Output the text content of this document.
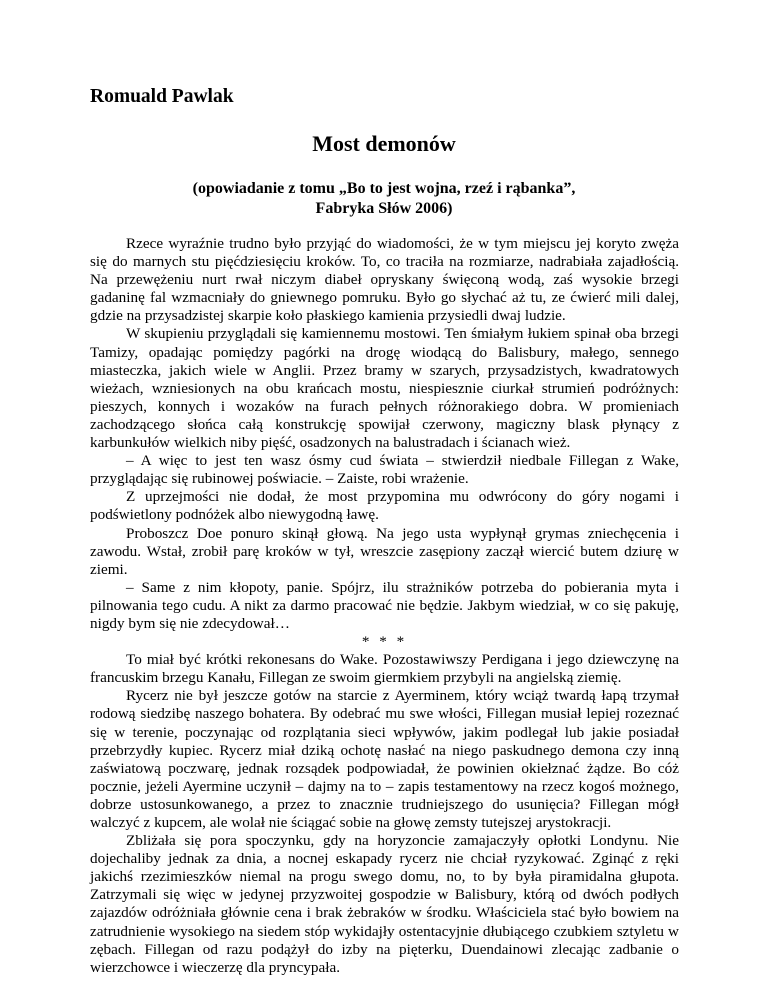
Romuald Pawlak
Most demonów
(opowiadanie z tomu „Bo to jest wojna, rzeź i rąbanka”,
Fabryka Słów 2006)

Rzece wyraźnie trudno było przyjąć do wiadomości, że w tym miejscu jej koryto zwęża się do marnych stu pięćdziesięciu kroków. To, co traciła na rozmiarze, nadrabiała zajadłością. Na przewężeniu nurt rwał niczym diabeł opryskany święconą wodą, zaś wysokie brzegi gadaninę fal wzmacniały do gniewnego pomruku. Było go słychać aż tu, ze ćwierć mili dalej, gdzie na przysadzistej skarpie koło płaskiego kamienia przysiedli dwaj ludzie.

W skupieniu przyglądali się kamiennemu mostowi. Ten śmiałym łukiem spinał oba brzegi Tamizy, opadając pomiędzy pagórki na drogę wiodącą do Balisbury, małego, sennego miasteczka, jakich wiele w Anglii. Przez bramy w szarych, przysadzistych, kwadratowych wieżach, wzniesionych na obu krańcach mostu, niespiesznie ciurkał strumień podróżnych: pieszych, konnych i wozaków na furach pełnych różnorakiego dobra. W promieniach zachodzącego słońca całą konstrukcję spowijał czerwony, magiczny blask płynący z karbunkułów wielkich niby pięść, osadzonych na balustradach i ścianach wież.

– A więc to jest ten wasz ósmy cud świata – stwierdził niedbale Fillegan z Wake, przyglądając się rubinowej poświacie. – Zaiste, robi wrażenie.

Z uprzejmości nie dodał, że most przypomina mu odwrócony do góry nogami i podświetlony podnóżek albo niewygodną ławę.

Proboszcz Doe ponuro skinął głową. Na jego usta wypłynął grymas zniechęcenia i zawodu. Wstał, zrobił parę kroków w tył, wreszcie zasępiony zaczął wiercić butem dziurę w ziemi.

– Same z nim kłopoty, panie. Spójrz, ilu strażników potrzeba do pobierania myta i pilnowania tego cudu. A nikt za darmo pracować nie będzie. Jakbym wiedział, w co się pakuję, nigdy bym się nie zdecydował…

* * *

To miał być krótki rekonesans do Wake. Pozostawiwszy Perdigana i jego dziewczynę na francuskim brzegu Kanału, Fillegan ze swoim giermkiem przybyli na angielską ziemię.

Rycerz nie był jeszcze gotów na starcie z Ayerminem, który wciąż twardą łapą trzymał rodową siedzibę naszego bohatera. By odebrać mu swe włości, Fillegan musiał lepiej rozeznać się w terenie, poczynając od rozplątania sieci wpływów, jakim podlegał lub jakie posiadał przebrzydły kupiec. Rycerz miał dziką ochotę nasłać na niego paskudnego demona czy inną zaświatową poczwarę, jednak rozsądek podpowiadał, że powinien okiełznać żądze. Bo cóż pocznie, jeżeli Ayermine uczynił – dajmy na to – zapis testamentowy na rzecz kogoś możnego, dobrze ustosunkowanego, a przez to znacznie trudniejszego do usunięcia? Fillegan mógł walczyć z kupcem, ale wolał nie ściągać sobie na głowę zemsty tutejszej arystokracji.

Zbliżała się pora spoczynku, gdy na horyzoncie zamajaczyły opłotki Londynu. Nie dojechaliby jednak za dnia, a nocnej eskapady rycerz nie chciał ryzykować. Zginąć z ręki jakichś rzezimieszków niemal na progu swego domu, no, to by była piramidalna głupota. Zatrzymali się więc w jedynej przyzwoitej gospodzie w Balisbury, którą od dwóch podłych zajazdów odróżniała głównie cena i brak żebraków w środku. Właściciela stać było bowiem na zatrudnienie wysokiego na siedem stóp wykidajły ostentacyjnie dłubiącego czubkiem sztyletu w zębach. Fillegan od razu podążył do izby na pięterku, Duendainowi zlecając zadbanie o wierzchowce i wieczerzę dla pryncypała.
